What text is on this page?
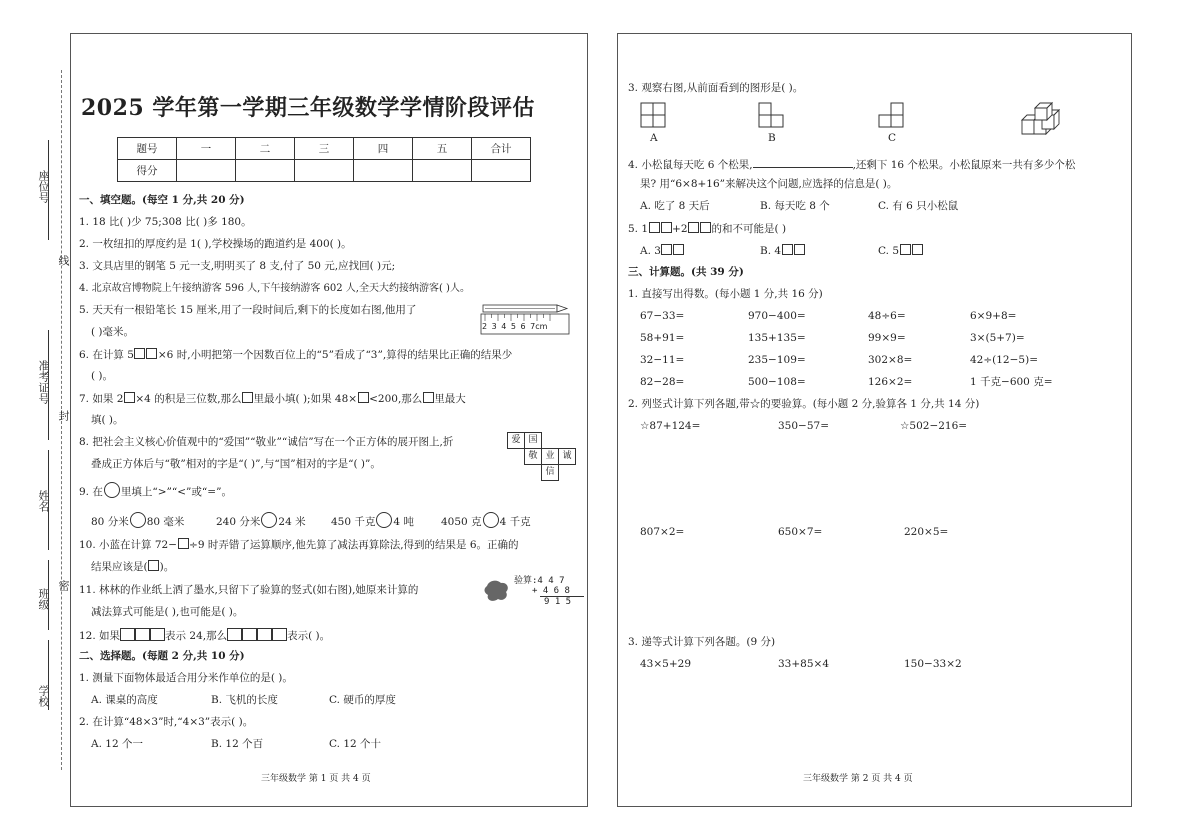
座位号
线
准考证号
封
姓名
班级
密
学校
2025 学年第一学期三年级数学学情阶段评估
题号	一	二	三	四	五	合计
得分						
一、填空题。(每空 1 分,共 20 分)
1. 18 比( )少 75;308 比( )多 180。
2. 一枚纽扣的厚度约是 1( ),学校操场的跑道约是 400( )。
3. 文具店里的钢笔 5 元一支,明明买了 8 支,付了 50 元,应找回( )元;
4. 北京故宫博物院上午接纳游客 596 人,下午接纳游客 602 人,全天大约接纳游客( )人。
5. 天天有一根铅笔长 15 厘米,用了一段时间后,剩下的长度如右图,他用了
( )毫米。	2 3 4 5 6 7cm
6. 在计算 5 ×6 时,小明把第一个因数百位上的“5”看成了“3”,算得的结果比正确的结果少
( )。
7. 如果 2 ×4 的积是三位数,那么 里最小填( );如果 48× <200,那么 里最大
填( )。
8. 把社会主义核心价值观中的“爱国”“敬业”“诚信”写在一个正方体的展开图上,折
叠成正方体后与“敬”相对的字是“( )”,与“国”相对的字是“( )”。
爱 国
敬 业 诚
信
9. 在 里填上“>”“<”或“=”。
80 分米 80 毫米	240 分米 24 米 450 千克 4 吨	4050 克 4 千克
10. 小蓝在计算 72− ÷9 时弄错了运算顺序,他先算了减法再算除法,得到的结果是 6。正确的
结果应该是( )。
11. 林林的作业纸上洒了墨水,只留下了验算的竖式(如右图),她原来计算的
减法算式可能是( ),也可能是( )。
验算:4 4 7
+ 4 6 8
9 1 5
12. 如果	表示 24,那么	表示( )。
二、选择题。(每题 2 分,共 10 分)
1. 测量下面物体最适合用分米作单位的是( )。
A. 课桌的高度	B. 飞机的长度	C. 硬币的厚度
2. 在计算“48×3”时,“4×3”表示( )。
A. 12 个一	B. 12 个百	C. 12 个十
三年级数学 第 1 页 共 4 页
3. 观察右图,从前面看到的图形是( )。
A	B	C
4. 小松鼠每天吃 6 个松果,	,还剩下 16 个松果。小松鼠原来一共有多少个松
果? 用“6×8+16”来解决这个问题,应选择的信息是( )。
A. 吃了 8 天后	B. 每天吃 8 个	C. 有 6 只小松鼠
5. 1 +2 的和不可能是( )
A. 3	B. 4	C. 5
三、计算题。(共 39 分)
1. 直接写出得数。(每小题 1 分,共 16 分)
67−33=	970−400=	48÷6=	6×9+8=
58+91=	135+135=	99×9=	3×(5+7)=
32−11=	235−109=	302×8=	42÷(12−5)=
82−28=	500−108=	126×2=	1 千克−600 克=
2. 列竖式计算下列各题,带☆的要验算。(每小题 2 分,验算各 1 分,共 14 分)
☆87+124=	350−57=	☆502−216=
807×2=	650×7=	220×5=
3. 递等式计算下列各题。(9 分)
43×5+29	33+85×4	150−33×2
三年级数学 第 2 页 共 4 页
